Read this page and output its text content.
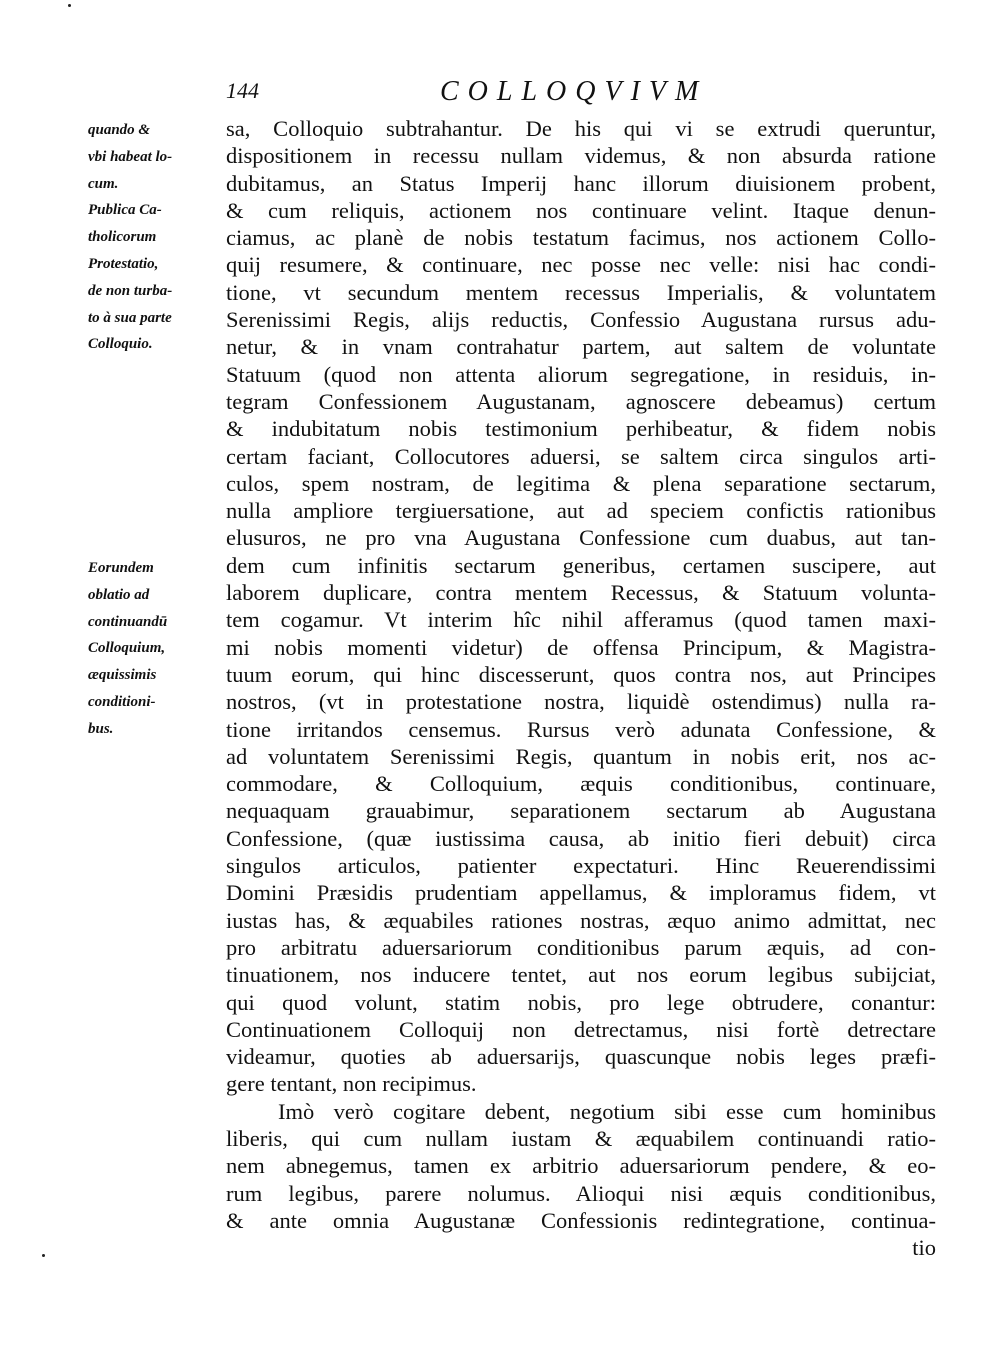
144	COLLOQVIVM
quando &
vbi habeat lo-
cum.
Publica Ca-
tholicorum
Protestatio,
de non turba-
to à sua parte
Colloquio.
Eorundem
oblatio ad
continuandū
Colloquium,
æquissimis
conditioni-
bus.
sa, Colloquio subtrahantur. De his qui vi se extrudi queruntur,
dispositionem in recessu nullam videmus, & non absurda ratione
dubitamus, an Status Imperij hanc illorum diuisionem probent,
& cum reliquis, actionem nos continuare velint. Itaque denun-
ciamus, ac planè de nobis testatum facimus, nos actionem Collo-
quij resumere, & continuare, nec posse nec velle: nisi hac condi-
tione, vt secundum mentem recessus Imperialis, & voluntatem
Serenissimi Regis, alijs reductis, Confessio Augustana rursus adu-
netur, & in vnam contrahatur partem, aut saltem de voluntate
Statuum (quod non attenta aliorum segregatione, in residuis, in-
tegram Confessionem Augustanam, agnoscere debeamus) certum
& indubitatum nobis testimonium perhibeatur, & fidem nobis
certam faciant, Collocutores aduersi, se saltem circa singulos arti-
culos, spem nostram, de legitima & plena separatione sectarum,
nulla ampliore tergiuersatione, aut ad speciem confictis rationibus
elusuros, ne pro vna Augustana Confessione cum duabus, aut tan-
dem cum infinitis sectarum generibus, certamen suscipere, aut
laborem duplicare, contra mentem Recessus, & Statuum volunta-
tem cogamur. Vt interim hîc nihil afferamus (quod tamen maxi-
mi nobis momenti videtur) de offensa Principum, & Magistra-
tuum eorum, qui hinc discesserunt, quos contra nos, aut Principes
nostros, (vt in protestatione nostra, liquidè ostendimus) nulla ra-
tione irritandos censemus. Rursus verò adunata Confessione, &
ad voluntatem Serenissimi Regis, quantum in nobis erit, nos ac-
commodare, & Colloquium, æquis conditionibus, continuare,
nequaquam grauabimur, separationem sectarum ab Augustana
Confessione, (quæ iustissima causa, ab initio fieri debuit) circa
singulos articulos, patienter expectaturi. Hinc Reuerendissimi
Domini Præsidis prudentiam appellamus, & imploramus fidem, vt
iustas has, & æquabiles rationes nostras, æquo animo admittat, nec
pro arbitratu aduersariorum conditionibus parum æquis, ad con-
tinuationem, nos inducere tentet, aut nos eorum legibus subijciat,
qui quod volunt, statim nobis, pro lege obtrudere, conantur:
Continuationem Colloquij non detrectamus, nisi fortè detrectare
videamur, quoties ab aduersarijs, quascunque nobis leges præfi-
gere tentant, non recipimus.
Imò verò cogitare debent, negotium sibi esse cum hominibus
liberis, qui cum nullam iustam & æquabilem continuandi ratio-
nem abnegemus, tamen ex arbitrio aduersariorum pendere, & eo-
rum legibus, parere nolumus. Alioqui nisi æquis conditionibus,
& ante omnia Augustanæ Confessionis redintegratione, continua-
tio
